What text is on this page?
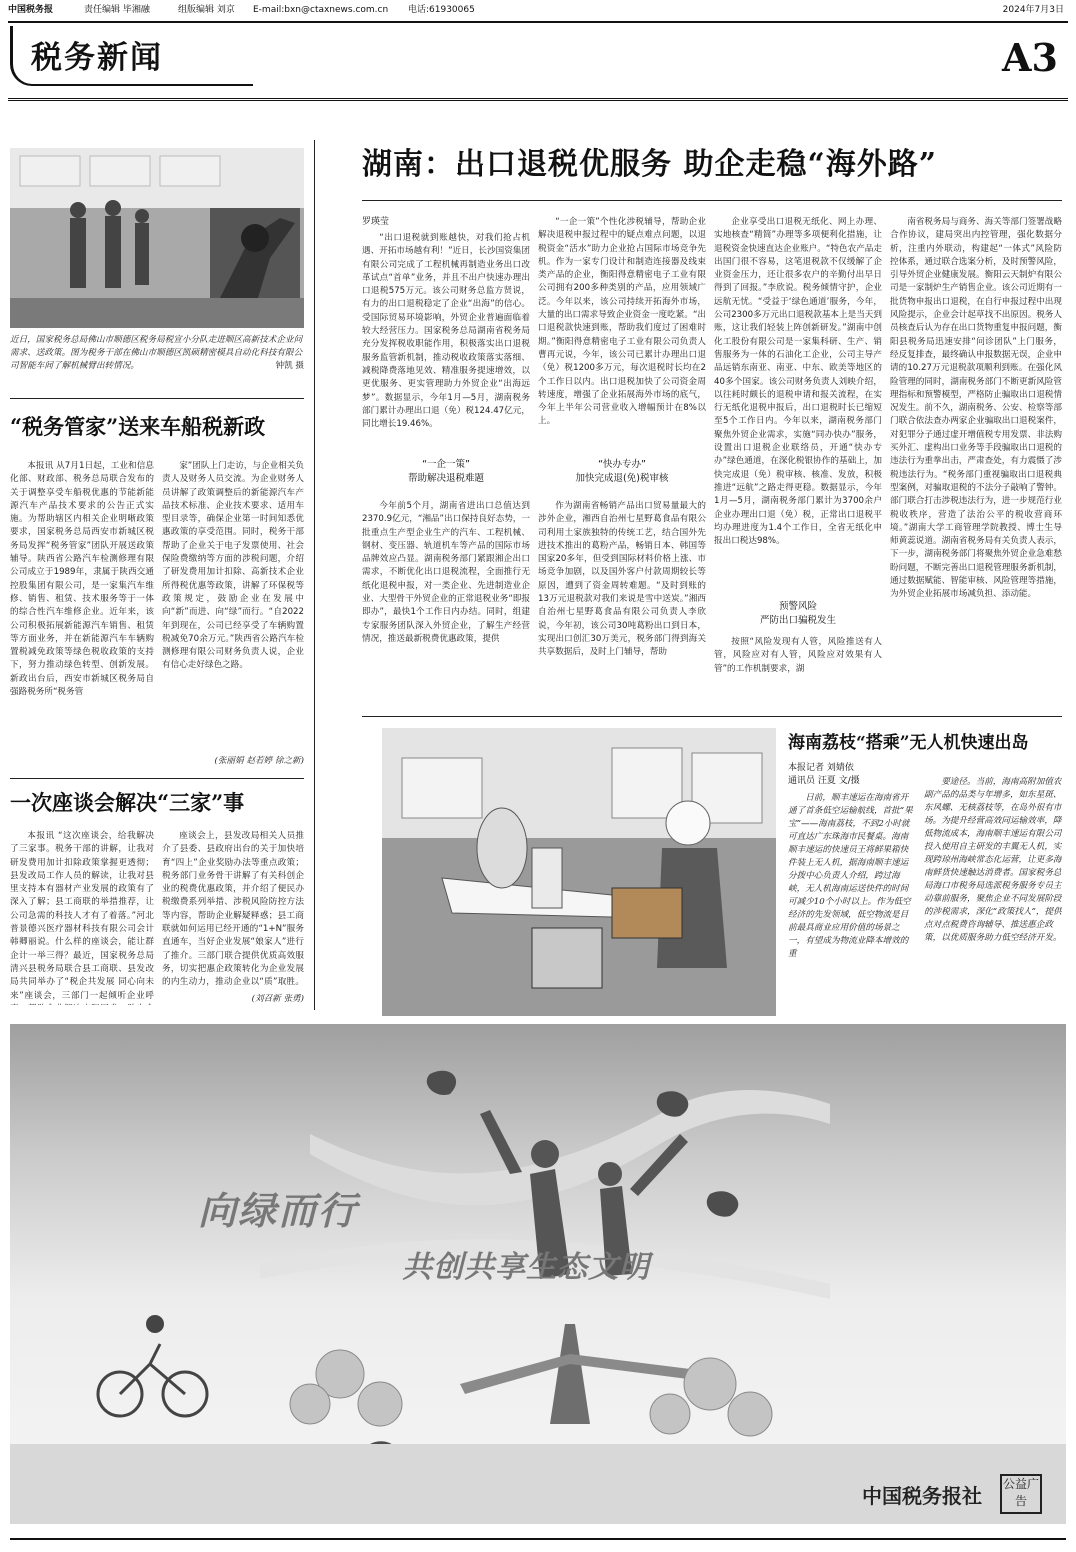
中国税务报	责任编辑 毕湘融	组版编辑 刘京 E-mail:bxn@ctaxnews.com.cn 电话:61930065	2024年7月3日
税务新闻	A3
近日，国家税务总局佛山市顺德区税务局税宣小分队走进顺区高新技术企业问需求、送政策。图为税务干部在佛山市顺德区凯硕精密模具自动化科技有限公司智能车间了解机械臂出转情况。	钟凯 摄
“税务管家”送来车船税新政

本报讯 从7月1日起，工业和信息化部、财政部、税务总局联合发布的关于调整享受车船税优惠的节能新能源汽车产品技术要求的公告正式实施。为帮助辖区内相关企业明晰政策要求，国家税务总局西安市新城区税务局发挥“税务管家”团队开展送政策辅导。陕西省公路汽车检测修理有限公司成立于1989年，隶属于陕西交通控股集团有限公司，是一家集汽车维修、销售、租赁、技术服务等于一体的综合性汽车维修企业。近年来，该公司积极拓展新能源汽车销售、租赁等方面业务，并在新能源汽车车辆购置税减免政策等绿色税收政策的支持下，努力推动绿色转型、创新发展。新政出台后，西安市新城区税务局自强路税务所“税务管

家”团队上门走访，与企业相关负责人及财务人员交流。为企业财务人员讲解了政策调整后的新能源汽车产品技术标准、企业技术要求、适用车型目录等，确保企业第一时间知悉优惠政策的享受范围。同时，税务干部帮助了企业关于电子发票使用、社会保险费缴纳等方面的涉税问题，介绍了研发费用加计扣除、高新技术企业所得税优惠等政策，讲解了环保税等政策规定，鼓励企业在发展中向“新”而进、向“绿”而行。“自2022年到现在，公司已经享受了车辆购置税减免70余万元。”陕西省公路汽车检测修理有限公司财务负责人说，企业有信心走好绿色之路。

(张丽娟 赵若婷 徐之新)
一次座谈会解决“三家”事

本报讯 “这次座谈会，给我解决了三家事。税务干部的讲解，让我对研发费用加计扣除政策掌握更透彻；县发改局工作人员的解读，让我对县里支持本有器材产业发展的政策有了深入了解；县工商联的举措推荐，让公司急需的科技人才有了着落。”河北普景德兴医疗器材科技有限公司会计韩卿丽说。什么样的座谈会，能让群企计一举三得？最近，国家税务总局清兴县税务局联合县工商联、县发改局共同举办了“税企共发展 同心向未来”座谈会，三部门一起倾听企业呼

座谈会上，县发改局相关人员推介了县委、县政府出台的关于加快培育“四上”企业奖励办法等重点政策；税务部门业务骨干讲解了有关科创企业的税费优惠政策，并介绍了便民办税缴费系列举措、涉税风险防控方法等内容，帮助企业解疑释惑；县工商联就如何运用已经开通的“1+N”服务直通车，当好企业发展“娘家人”进行了推介。三部门联合提供优质高效服务，切实把惠企政策转化为企业发展的内生动力，推动企业以“质”取胜。

(刘召新 张勇)
湖南：出口退税优服务 助企走稳“海外路”
罗瑛莹

“出口退税就到账越快，对我们抢占机遇、开拓市场越有利！”近日，长沙国资集团有限公司完成了工程机械再制造业务出口改革试点“首单”业务，并且不出户快速办理出口退税575万元。该公司财务总监方贤说，有力的出口退税稳定了企业“出海”的信心。受国际贸易环境影响，外贸企业普遍面临着较大经营压力。国家税务总局湖南省税务局充分发挥税收职能作用，积极落实出口退税服务监管新机制，推动税收政策落实落细、减税降费落地见效、精准服务提速增效，以更优服务、更实管理助力外贸企业“出海远梦”。数据显示，今年1月—5月，湖南税务部门累计办理出口退（免）税124.47亿元，同比增长19.46%。

“一企一策”
帮助解决退税难题

今年前5个月，湖南省进出口总值达到2370.9亿元，“湘品”出口保持良好态势，一批重点生产型企业生产的汽车、工程机械、钢材、变压器、轨道机车等产品的国际市场品牌效应凸显。湖南税务部门紧跟湘企出口需求，不断优化出口退税流程，全面推行无纸化退税申报，对一类企业、先进制造业企业、大型骨干外贸企业的正常退税业务“即报即办”，最快1个工作日内办结。同时，组建专家服务团队深入外贸企业，了解生产经营情况，推送最新税费优惠政策，提供

“一企一策”个性化涉税辅导，帮助企业解决退税申报过程中的疑点难点问题，以退税资金“活水”助力企业抢占国际市场竞争先机。作为一家专门设计和制造连接器及线束类产品的企业，衡阳得意精密电子工业有限公司拥有200多种类别的产品，应用领域广泛。今年以来，该公司持续开拓海外市场，大量的出口需求导致企业资金一度吃紧。“出口退税款快速到账，帮助我们度过了困难时期。”衡阳得意精密电子工业有限公司负责人曹再元说，今年，该公司已累计办理出口退（免）税1200多万元，每次退税时长均在2个工作日以内。出口退税加快了公司资金周转速度，增强了企业拓展海外市场的底气，今年上半年公司营业收入增幅预计在8%以上。

“快办专办”
加快完成退(免)税审核

作为湖南省畅销产品出口贸易量最大的涉外企业，湘西自治州七星野葛食品有限公司利用土家族独特的传统工艺，结合国外先进技术推出的葛粉产品，畅销日本、韩国等国家20多年，但受到国际材料价格上涨、市场竞争加剧，以及国外客户付款周期较长等原因，遭到了资金周转难题。“及时到账的13万元退税款对我们来说是雪中送炭。”湘西自治州七星野葛食品有限公司负责人李欣说，今年初，该公司30吨葛粉出口到日本，实现出口创汇30万美元，税务部门得到海关共享数据后，及时上门辅导，帮助

企业享受出口退税无纸化、网上办理、实地核查“精简”办理等多项便利化措施，让退税资金快速直达企业账户。“特色农产品走出国门很不容易，这笔退税款不仅缓解了企业资金压力，还让很多农户的辛勤付出早日得到了回报。”李欣说。税务倾情守护，企业远航无忧。“受益于‘绿色通道’服务，今年，公司2300多万元出口退税款基本上是当天到账，这让我们轻装上阵创新研发。”湖南中创化工股份有限公司是一家集科研、生产、销售服务为一体的石油化工企业，公司主导产品远销东南亚、南亚、中东、欧美等地区的40多个国家。该公司财务负责人刘映介绍，以往耗时颇长的退税申请和报关流程，在实行无纸化退税申报后，出口退税时长已缩短至5个工作日内。今年以来，湖南税务部门聚焦外贸企业需求，实施“同办快办”服务，设置出口退税企业联络员，开通“快办专办”绿色通道，在深化税银协作的基础上，加快完成退（免）税审核、核准、发放，积极推进“远航”之路走得更稳。数据显示，今年1月—5月，湖南税务部门累计为3700余户企业办理出口退（免）税，正常出口退税平均办理进度为1.4个工作日，全省无纸化申报出口税达98%。

预警风险
严防出口骗税发生

按照“风险发现有人管，风险推送有人管，风险应对有人管，风险应对效果有人管”的工作机制要求，湖

南省税务局与商务、海关等部门签署战略合作协议，建局突出内控管理，强化数据分析，注重内外联动，构建起“一体式”风险防控体系，通过联合选案分析，及时预警风险，引导外贸企业健康发展。衡阳云天制炉有限公司是一家制炉生产销售企业。该公司近期有一批货物申报出口退税，在自行申报过程中出现风险提示，企业会计起草找不出原因。税务人员核查后认为存在出口货物重复申报问题，衡阳县税务局迅速安排“问诊团队”上门服务，经反复排查，最终确认申报数据无误，企业申请的10.27万元退税款项顺利到账。在强化风险管理的同时，湖南税务部门不断更新风险管理指标和预警模型，严格防止骗取出口退税情况发生。前不久，湖南税务、公安、检察等部门联合依法查办两家企业骗取出口退税案件，对犯罪分子通过虚开增值税专用发票、非法购买外汇、虚构出口业务等手段骗取出口退税的违法行为重拳出击，严肃查处，有力震慑了涉税违法行为。“税务部门重视骗取出口退税典型案例，对骗取退税的不法分子敲响了警钟。部门联合打击涉税违法行为，进一步规范行业税收秩序，营造了法治公平的税收营商环境。”湖南大学工商管理学院教授、博士生导师黄蕊说道。湖南省税务局有关负责人表示，下一步，湖南税务部门将聚焦外贸企业急难愁盼问题，不断完善出口退税管理服务新机制，通过数据赋能、智能审核、风险管理等措施，为外贸企业拓展市场减负担、添动能。

海南荔枝“搭乘”无人机快速出岛
本报记者 刘婧依
通讯员 汪夏 文/摄
日前，顺丰速运在海南省开通了首条低空运输航线，首批“果宝”——海南荔枝，不到2小时就可直达广东珠海市民餐桌。海南顺丰速运的快速员王将鲜果箱快件装上无人机，据海南顺丰速运分拨中心负责人介绍，跨过海峡，无人机海南运送快件的时间可减少10个小时以上。作为低空经济的先发领域，低空物流是目前最具商业应用价值的场景之一，有望成为物流业降本增效的重
要途径。当前，海南高附加值农副产品的品类与年增多，如东星斑、东风螺、无核荔枝等，在岛外很有市场。为提升经营高效同运输效率，降低物流成本，海南顺丰速运有限公司投入使用自主研发的丰翼无人机，实现跨琼州海峡常态化运营，让更多海南鲜货快速触达消费者。国家税务总局海口市税务局选派税务服务专员主动靠前服务，聚焦企业不同发展阶段的涉税需求，深化“政策找人”，提供点对点税费咨询辅导、推送惠企政策，以优质服务助力低空经济开发。
向绿而行
共创共享生态文明
中国税务报社 公益广告
